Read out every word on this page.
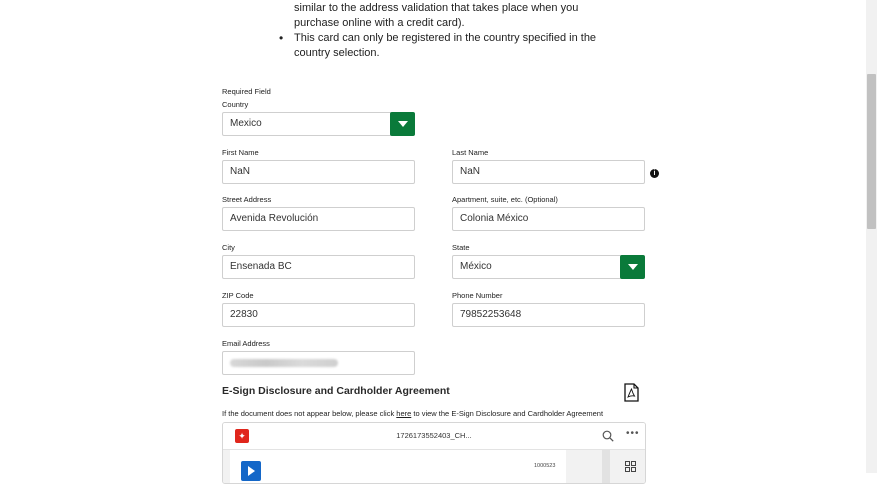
• similar to the address validation that takes place when you purchase online with a credit card).
• This card can only be registered in the country specified in the country selection.
Required Field
Country
Mexico
First Name
NaN
Last Name
NaN	i
Street Address
Avenida Revolución
Apartment, suite, etc. (Optional)
Colonia México
City
Ensenada BC
State
México
ZIP Code
22830
Phone Number
79852253648
Email Address
E-Sign Disclosure and Cardholder Agreement
If the document does not appear below, please click here to view the E-Sign Disclosure and Cardholder Agreement
✦	1726173552403_CH...	•••
1000523
